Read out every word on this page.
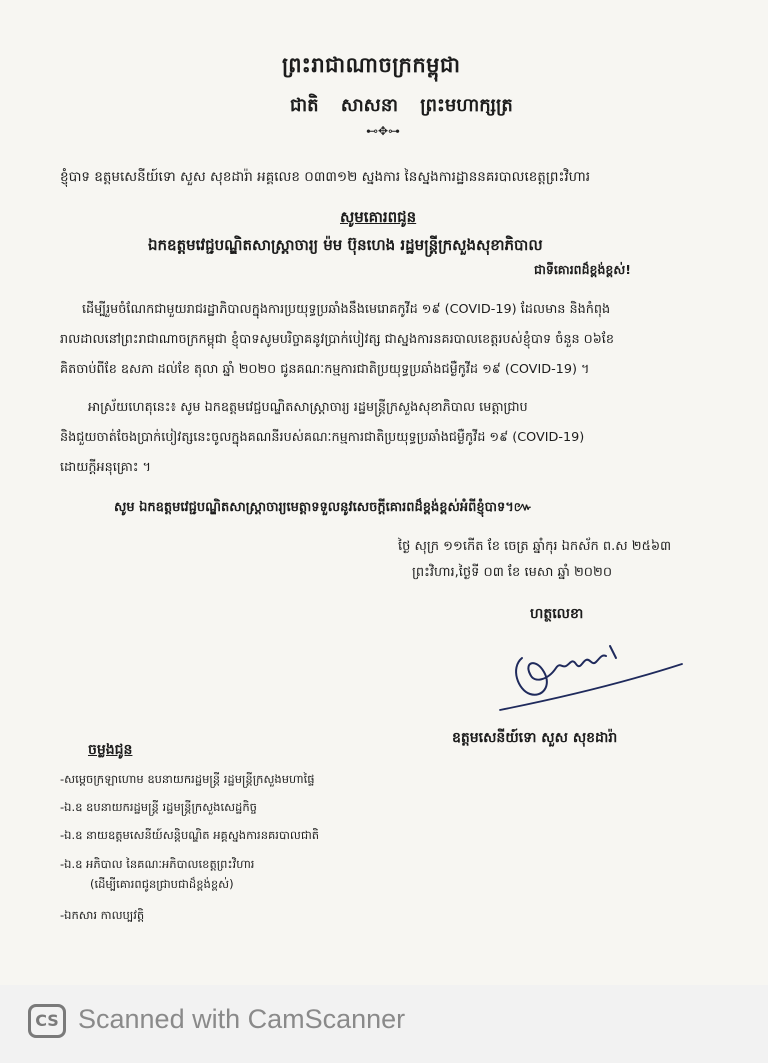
ព្រះរាជាណាចក្រកម្ពុជា
ជាតិ សាសនា ព្រះមហាក្សត្រ
⊷✥⊶
ខ្ញុំបាទ ឧត្តមសេនីយ៍ទោ សួស សុខដារ៉ា អគ្គលេខ ០៣៣១២ ស្នងការ នៃស្នងការដ្ឋាននគរបាលខេត្តព្រះវិហារ
សូមគោរពជូន
ឯកឧត្តមវេជ្ជបណ្ឌិតសាស្ត្រាចារ្យ ម៉ម ប៊ុនហេង រដ្ឋមន្ត្រីក្រសួងសុខាភិបាល
ជាទីគោរពដ៏ខ្ពង់ខ្ពស់!
ដើម្បីរួមចំណែកជាមួយរាជរដ្ឋាភិបាលក្នុងការប្រយុទ្ធប្រឆាំងនឹងមេរោគកូវីដ ១៩ (COVID-19) ដែលមាន និងកំពុង
រាលដាលនៅព្រះរាជាណាចក្រកម្ពុជា ខ្ញុំបាទសូមបរិច្ចាគនូវប្រាក់បៀវត្ស ជាស្នងការនគរបាលខេត្តរបស់ខ្ញុំបាទ ចំនួន ០៦ខែ
គិតចាប់ពីខែ ឧសភា ដល់ខែ តុលា ឆ្នាំ ២០២០ ជូនគណៈកម្មការជាតិប្រយុទ្ធប្រឆាំងជម្ងឺកូវីដ ១៩ (COVID-19) ។
អាស្រ័យហេតុនេះ៖ សូម ឯកឧត្តមវេជ្ជបណ្ឌិតសាស្ត្រាចារ្យ រដ្ឋមន្ត្រីក្រសួងសុខាភិបាល មេត្តាជ្រាប
និងជួយចាត់ចែងប្រាក់បៀវត្សនេះចូលក្នុងគណនីរបស់គណៈកម្មការជាតិប្រយុទ្ធប្រឆាំងជម្ងឺកូវីដ ១៩ (COVID-19)
ដោយក្ដីអនុគ្រោះ ។
សូម ឯកឧត្តមវេជ្ជបណ្ឌិតសាស្ត្រាចារ្យមេត្តាទទួលនូវសេចក្ដីគោរពដ៏ខ្ពង់ខ្ពស់អំពីខ្ញុំបាទ។៚
ថ្ងៃ សុក្រ ១១កើត ខែ ចេត្រ ឆ្នាំកុរ ឯកស័ក ព.ស ២៥៦៣
ព្រះវិហារ,ថ្ងៃទី ០៣ ខែ មេសា ឆ្នាំ ២០២០
ហត្ថលេខា
ឧត្តមសេនីយ៍ទោ សួស សុខដារ៉ា
ចម្លងជូន
-សម្ដេចក្រឡាហោម ឧបនាយករដ្ឋមន្ត្រី រដ្ឋមន្ត្រីក្រសួងមហាផ្ទៃ
-ឯ.ឧ ឧបនាយករដ្ឋមន្ត្រី រដ្ឋមន្ត្រីក្រសួងសេដ្ឋកិច្ច
-ឯ.ឧ នាយឧត្តមសេនីយ៍សន្តិបណ្ឌិត អគ្គស្នងការនគរបាលជាតិ
-ឯ.ឧ អភិបាល នៃគណៈអភិបាលខេត្តព្រះវិហារ
(ដើម្បីគោរពជូនជ្រាបជាដ៏ខ្ពង់ខ្ពស់)
-ឯកសារ កាលប្បវត្តិ
CS Scanned with CamScanner
